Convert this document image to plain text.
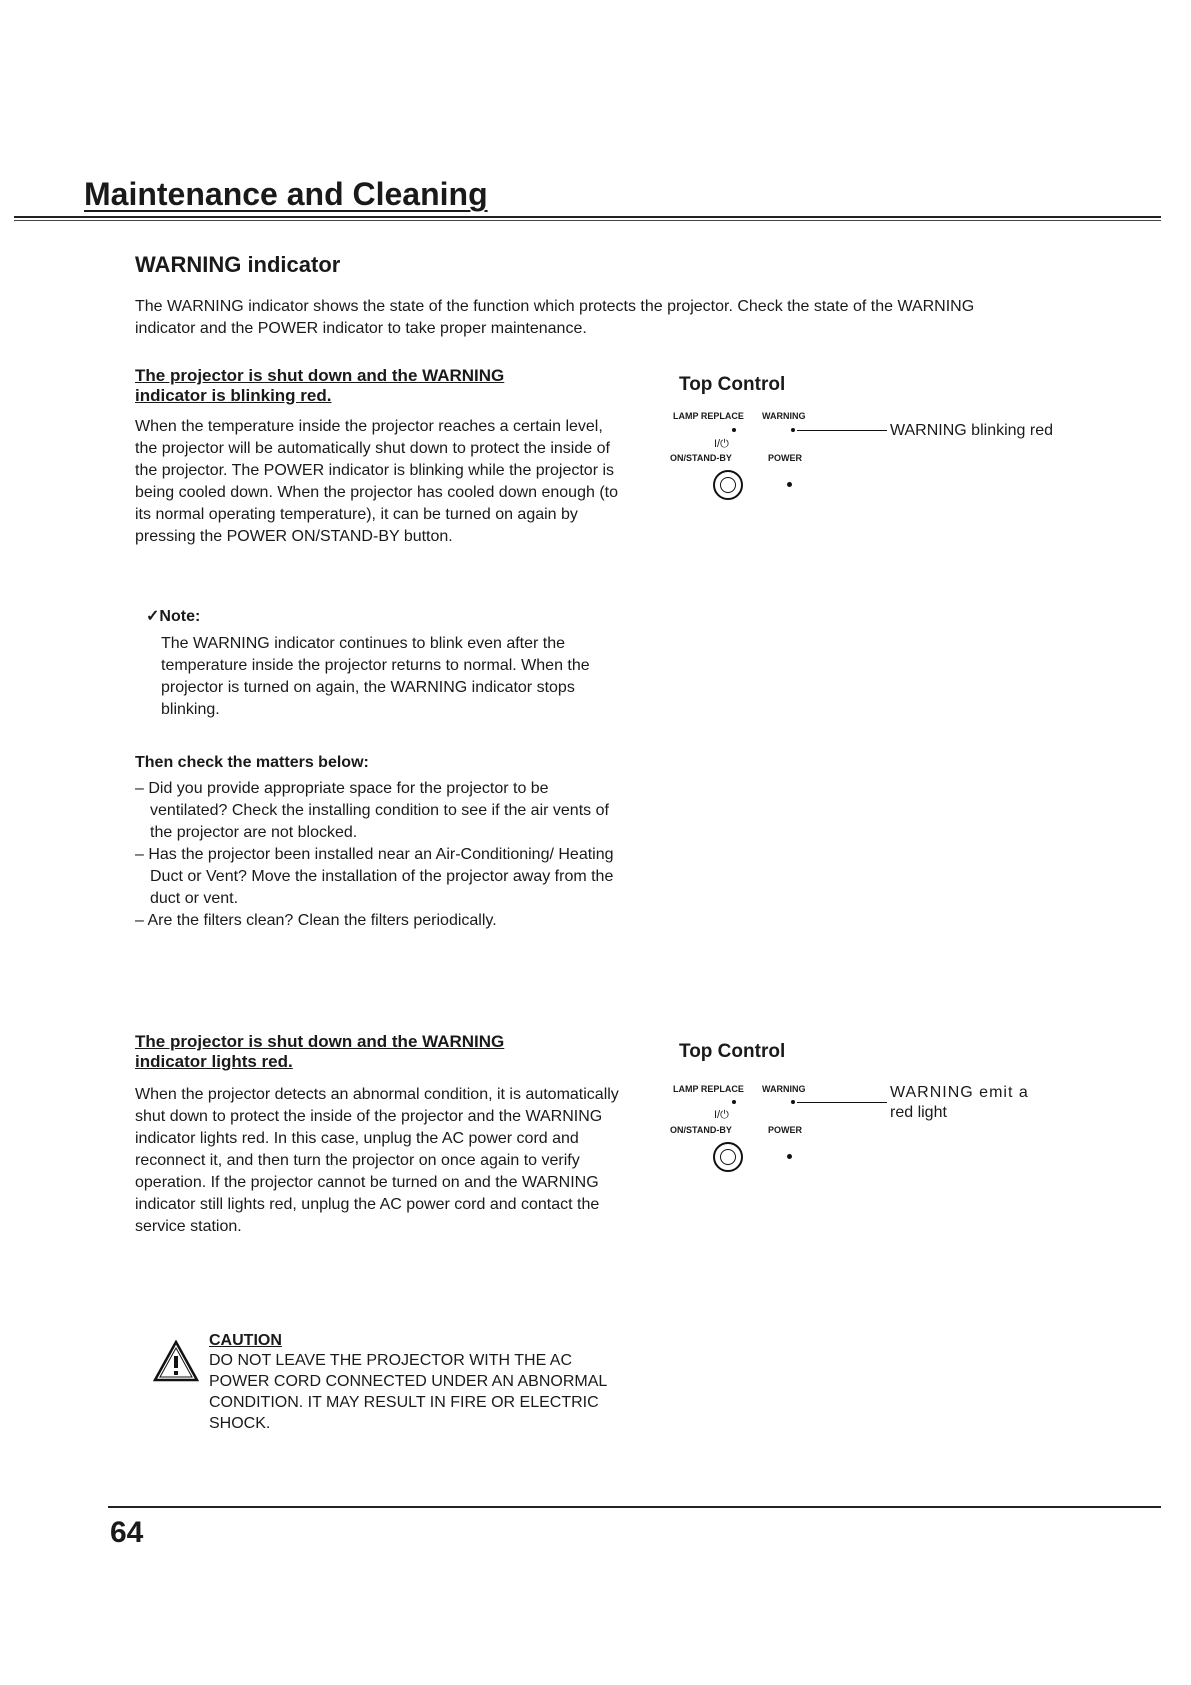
Maintenance and Cleaning
WARNING indicator
The WARNING indicator shows the state of the function which protects the projector. Check the state of the WARNING indicator and the POWER indicator to take proper maintenance.
The projector is shut down and the WARNING
indicator is blinking red.
When the temperature inside the projector reaches a certain level, the projector will be automatically shut down to protect the inside of the projector. The POWER indicator is blinking while the projector is being cooled down. When the projector has cooled down enough (to its normal operating temperature), it can be turned on again by pressing the POWER ON/STAND-BY button.
✓Note:
The WARNING indicator continues to blink even after the temperature inside the projector returns to normal. When the projector is turned on again, the WARNING indicator stops blinking.
Then check the matters below:
– Did you provide appropriate space for the projector to be ventilated? Check the installing condition to see if the air vents of the projector are not blocked.
– Has the projector been installed near an Air-Conditioning/ Heating Duct or Vent? Move the installation of the projector away from the duct or vent.
– Are the filters clean? Clean the filters periodically.
Top Control
LAMP REPLACE WARNING
WARNING blinking red
I/⏻
ON/STAND-BY	POWER
The projector is shut down and the WARNING
indicator lights red.
When the projector detects an abnormal condition, it is automatically shut down to protect the inside of the projector and the WARNING indicator lights red. In this case, unplug the AC power cord and reconnect it, and then turn the projector on once again to verify operation. If the projector cannot be turned on and the WARNING indicator still lights red, unplug the AC power cord and contact the service station.
Top Control
LAMP REPLACE WARNING	WARNING emit a
red light
I/⏻
ON/STAND-BY	POWER
CAUTION
DO NOT LEAVE THE PROJECTOR WITH THE AC POWER CORD CONNECTED UNDER AN ABNORMAL CONDITION. IT MAY RESULT IN FIRE OR ELECTRIC SHOCK.
64
